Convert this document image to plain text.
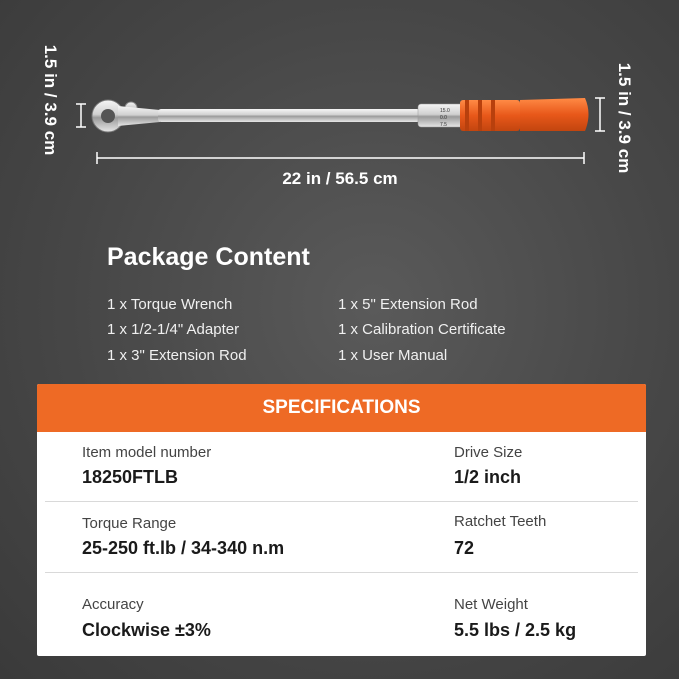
15.0
0.0
7.5
1.5 in / 3.9 cm	1.5 in / 3.9 cm
22 in / 56.5 cm
Package Content
1 x Torque Wrench
1 x 1/2-1/4" Adapter
1 x 3" Extension Rod
1 x 5" Extension Rod
1 x Calibration Certificate
1 x User Manual
SPECIFICATIONS
Item model number
18250FTLB
Drive Size
1/2 inch
Torque Range
25-250 ft.lb / 34-340 n.m
Ratchet Teeth
72
Accuracy
Clockwise ±3%
Net Weight
5.5 lbs / 2.5 kg
